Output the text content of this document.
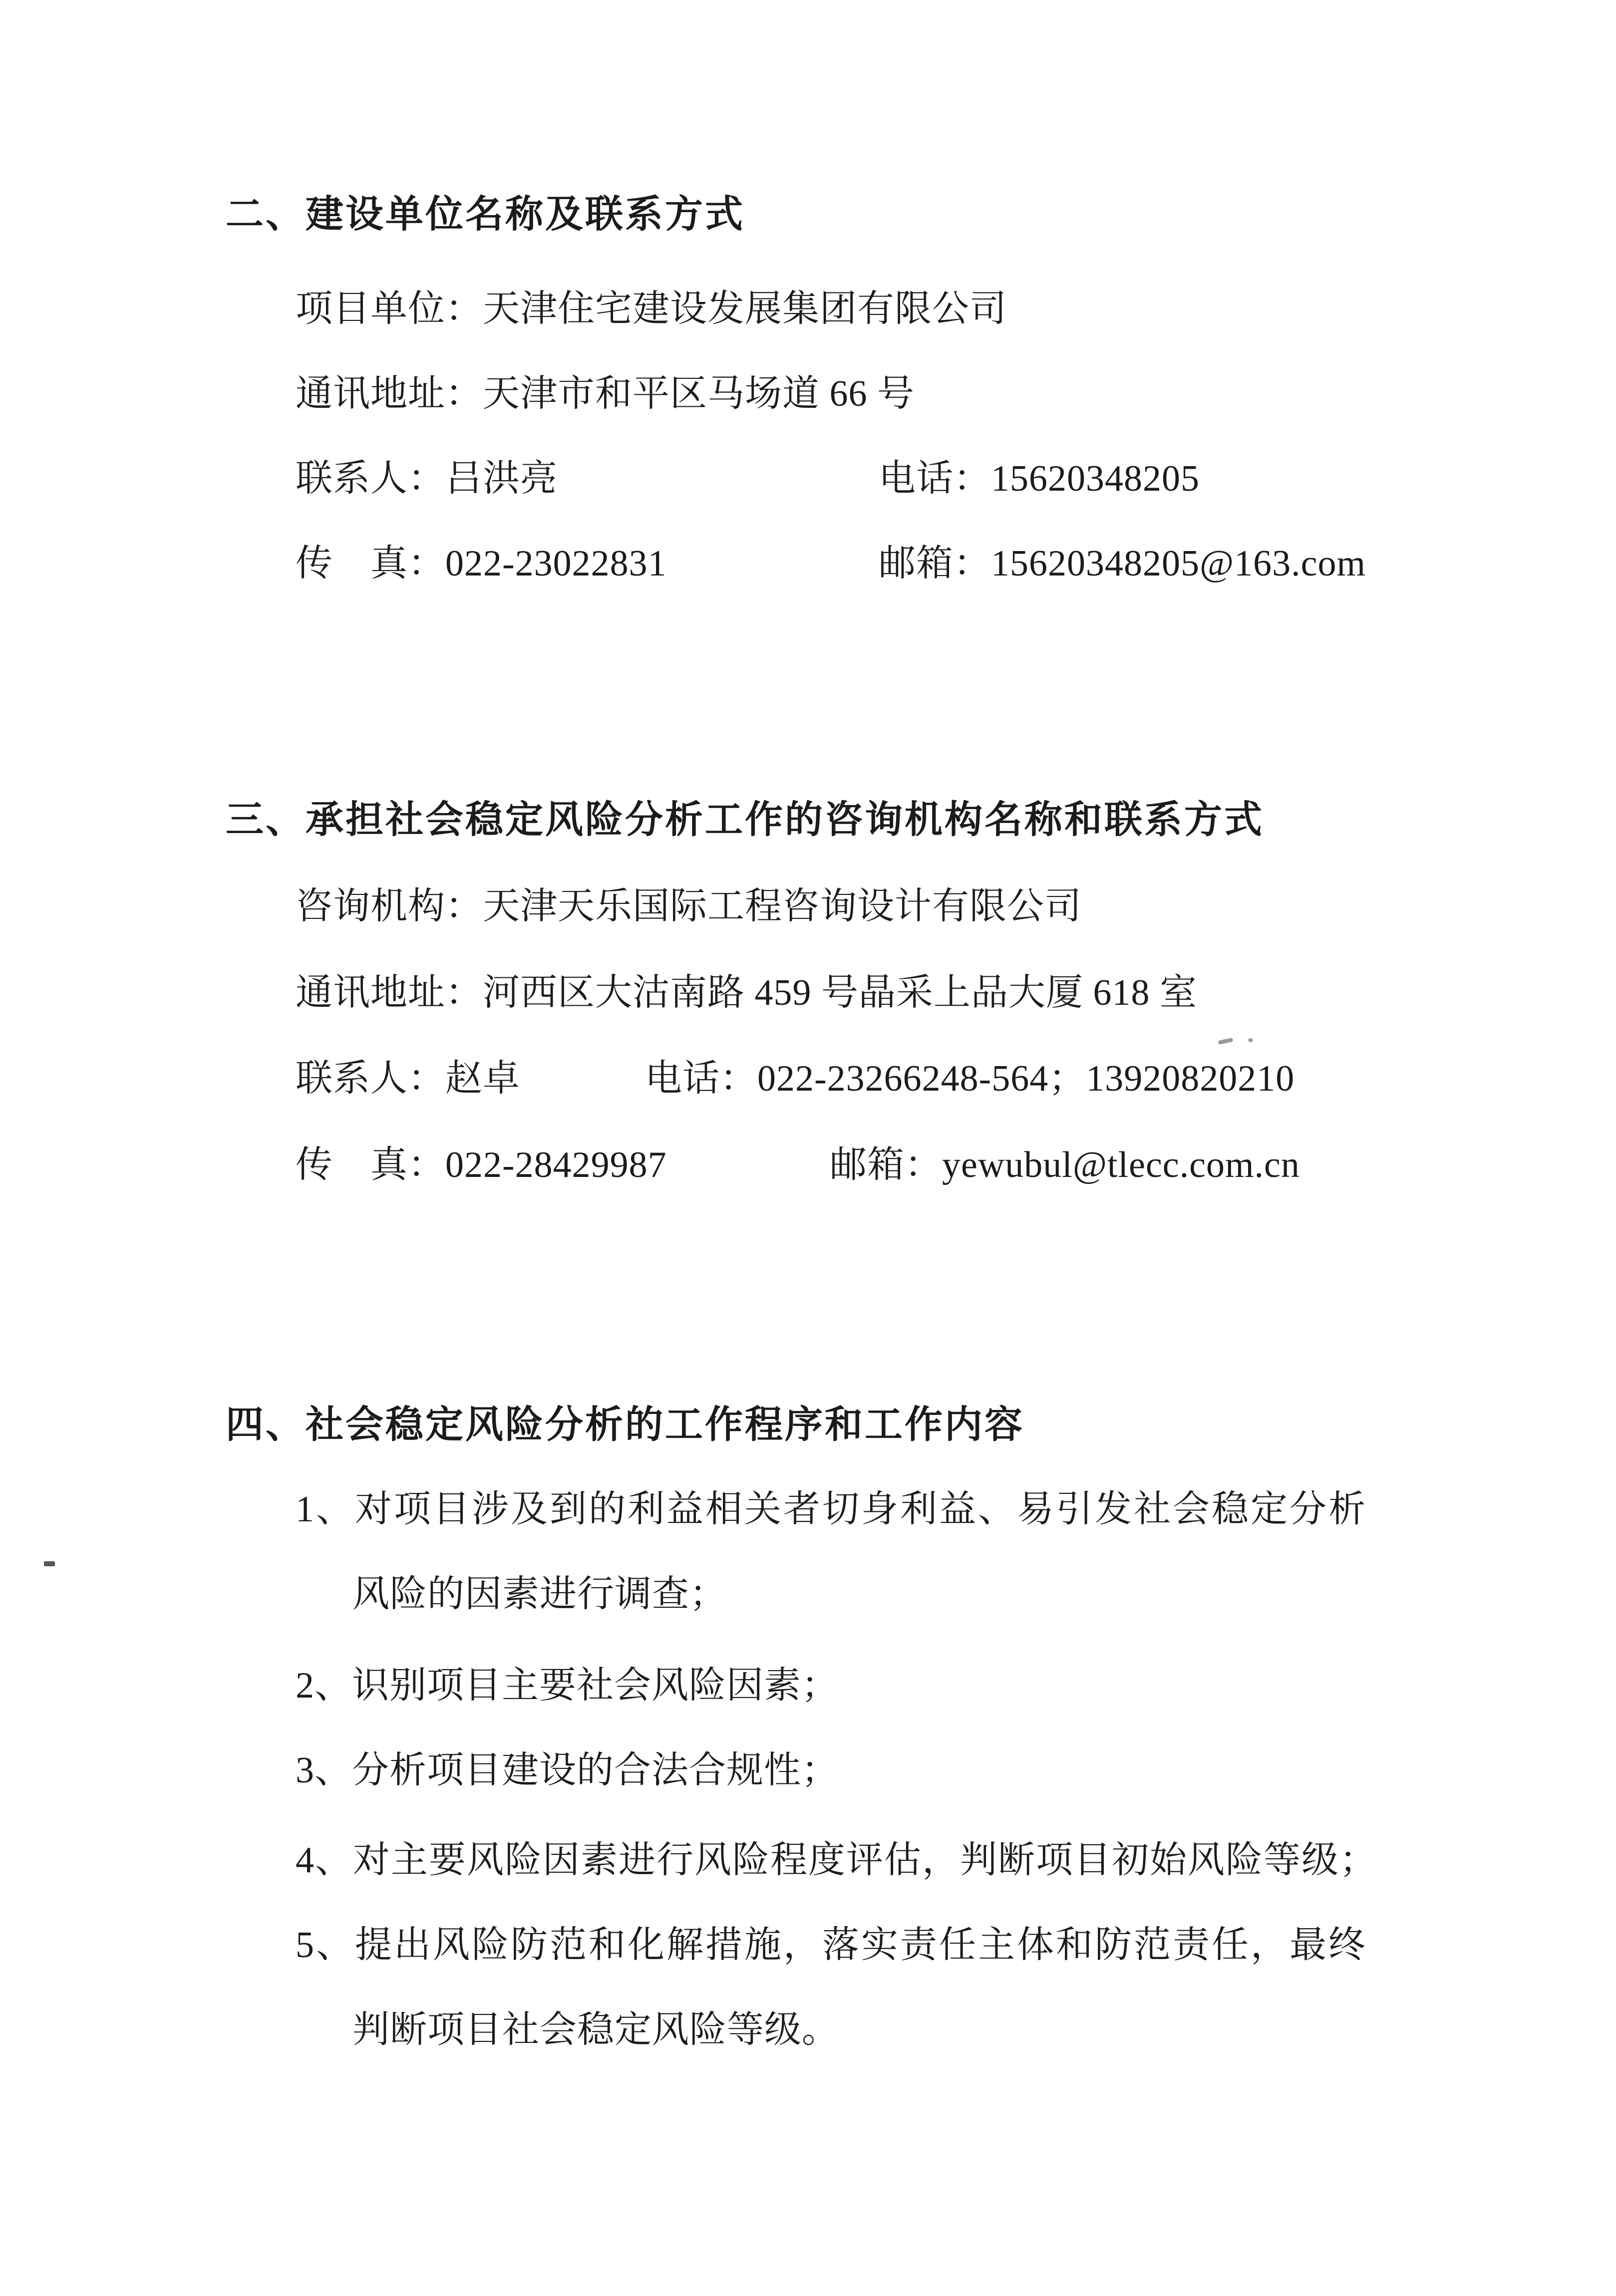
二、建设单位名称及联系方式
项目单位：天津住宅建设发展集团有限公司
通讯地址：天津市和平区马场道 66 号
联系人：吕洪亮	电话：15620348205
传　真：022-23022831	邮箱：15620348205@163.com
三、承担社会稳定风险分析工作的咨询机构名称和联系方式
咨询机构：天津天乐国际工程咨询设计有限公司
通讯地址：河西区大沽南路 459 号晶采上品大厦 618 室
联系人：赵卓	电话：022-23266248-564；13920820210
传　真：022-28429987	邮箱：yewubul@tlecc.com.cn
四、社会稳定风险分析的工作程序和工作内容
1、对项目涉及到的利益相关者切身利益、易引发社会稳定分析
风险的因素进行调查；
2、识别项目主要社会风险因素；
3、分析项目建设的合法合规性；
4、对主要风险因素进行风险程度评估，判断项目初始风险等级；
5、提出风险防范和化解措施，落实责任主体和防范责任，最终
判断项目社会稳定风险等级。
